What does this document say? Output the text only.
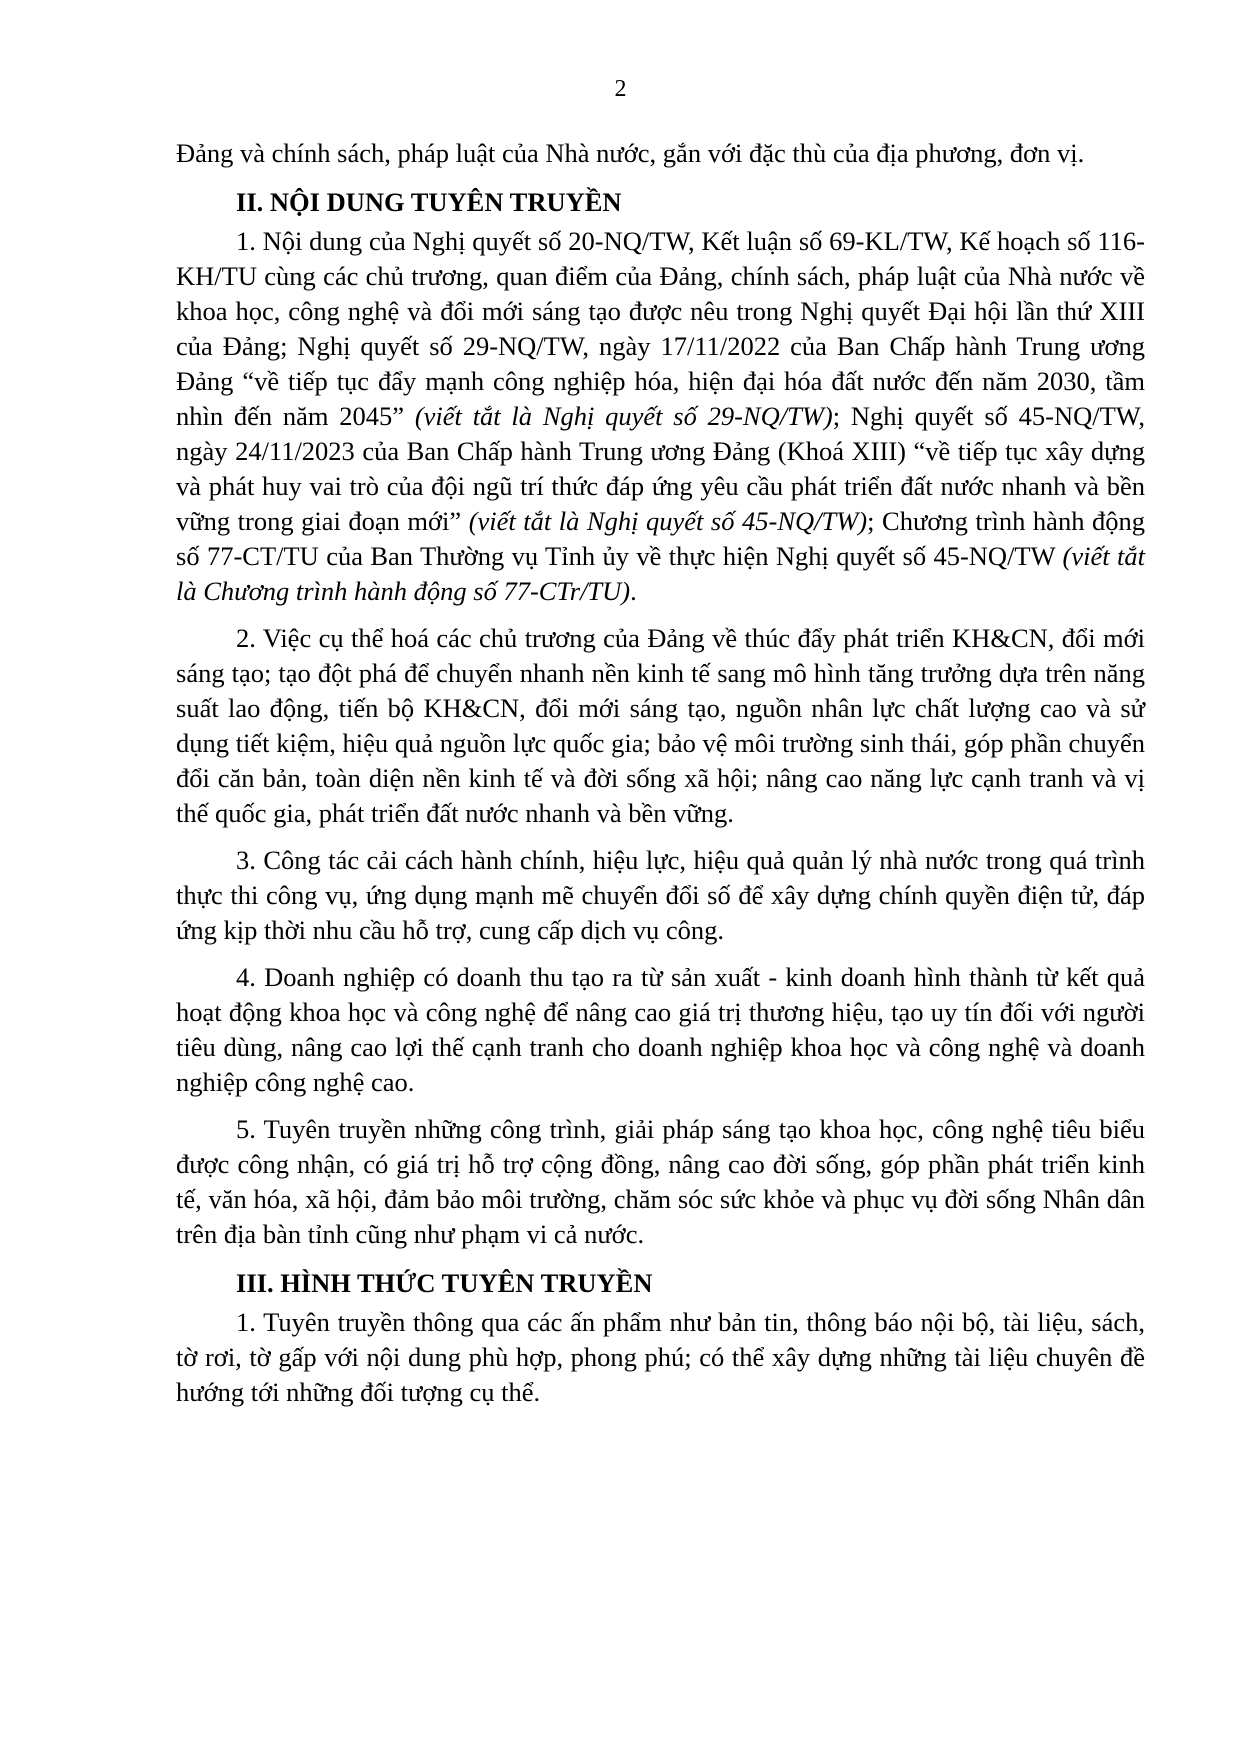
2

Đảng và chính sách, pháp luật của Nhà nước, gắn với đặc thù của địa phương, đơn vị.

II. NỘI DUNG TUYÊN TRUYỀN

1. Nội dung của Nghị quyết số 20-NQ/TW, Kết luận số 69-KL/TW, Kế hoạch số 116-KH/TU cùng các chủ trương, quan điểm của Đảng, chính sách, pháp luật của Nhà nước về khoa học, công nghệ và đổi mới sáng tạo được nêu trong Nghị quyết Đại hội lần thứ XIII của Đảng; Nghị quyết số 29-NQ/TW, ngày 17/11/2022 của Ban Chấp hành Trung ương Đảng “về tiếp tục đẩy mạnh công nghiệp hóa, hiện đại hóa đất nước đến năm 2030, tầm nhìn đến năm 2045” (viết tắt là Nghị quyết số 29-NQ/TW); Nghị quyết số 45-NQ/TW, ngày 24/11/2023 của Ban Chấp hành Trung ương Đảng (Khoá XIII) “về tiếp tục xây dựng và phát huy vai trò của đội ngũ trí thức đáp ứng yêu cầu phát triển đất nước nhanh và bền vững trong giai đoạn mới” (viết tắt là Nghị quyết số 45-NQ/TW); Chương trình hành động số 77-CT/TU của Ban Thường vụ Tỉnh ủy về thực hiện Nghị quyết số 45-NQ/TW (viết tắt là Chương trình hành động số 77-CTr/TU).

2. Việc cụ thể hoá các chủ trương của Đảng về thúc đẩy phát triển KH&CN, đổi mới sáng tạo; tạo đột phá để chuyển nhanh nền kinh tế sang mô hình tăng trưởng dựa trên năng suất lao động, tiến bộ KH&CN, đổi mới sáng tạo, nguồn nhân lực chất lượng cao và sử dụng tiết kiệm, hiệu quả nguồn lực quốc gia; bảo vệ môi trường sinh thái, góp phần chuyển đổi căn bản, toàn diện nền kinh tế và đời sống xã hội; nâng cao năng lực cạnh tranh và vị thế quốc gia, phát triển đất nước nhanh và bền vững.

3. Công tác cải cách hành chính, hiệu lực, hiệu quả quản lý nhà nước trong quá trình thực thi công vụ, ứng dụng mạnh mẽ chuyển đổi số để xây dựng chính quyền điện tử, đáp ứng kịp thời nhu cầu hỗ trợ, cung cấp dịch vụ công.

4. Doanh nghiệp có doanh thu tạo ra từ sản xuất - kinh doanh hình thành từ kết quả hoạt động khoa học và công nghệ để nâng cao giá trị thương hiệu, tạo uy tín đối với người tiêu dùng, nâng cao lợi thế cạnh tranh cho doanh nghiệp khoa học và công nghệ và doanh nghiệp công nghệ cao.

5. Tuyên truyền những công trình, giải pháp sáng tạo khoa học, công nghệ tiêu biểu được công nhận, có giá trị hỗ trợ cộng đồng, nâng cao đời sống, góp phần phát triển kinh tế, văn hóa, xã hội, đảm bảo môi trường, chăm sóc sức khỏe và phục vụ đời sống Nhân dân trên địa bàn tỉnh cũng như phạm vi cả nước.

III. HÌNH THỨC TUYÊN TRUYỀN

1. Tuyên truyền thông qua các ấn phẩm như bản tin, thông báo nội bộ, tài liệu, sách, tờ rơi, tờ gấp với nội dung phù hợp, phong phú; có thể xây dựng những tài liệu chuyên đề hướng tới những đối tượng cụ thể.
